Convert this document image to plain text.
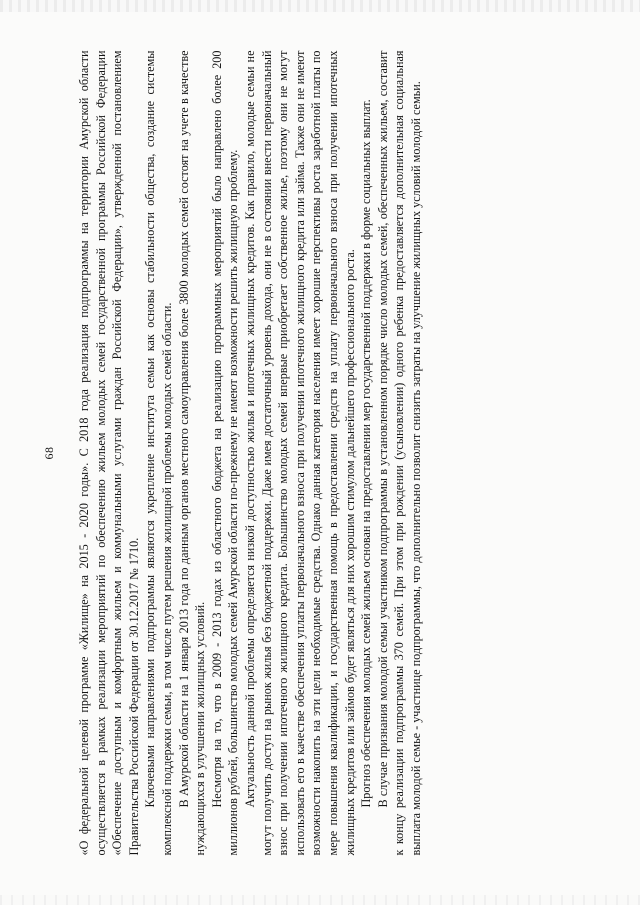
68 «О федеральной целевой программе «Жилище» на 2015 - 2020 годы». С 2018 года реализация подпрограммы на территории Амурской области осуществляется в рамках реализации мероприятий по обеспечению жильем молодых семей государственной программы Российской Федерации «Обеспечение доступным и комфортным жильем и коммунальными услугами граждан Российской Федерации», утвержденной постановлением Правительства Российской Федерации от 30.12.2017 № 1710. Ключевыми направлениями подпрограммы являются укрепление института семьи как основы стабильности общества, создание системы комплексной поддержки семьи, в том числе путем решения жилищной проблемы молодых семей области. В Амурской области на 1 января 2013 года по данным органов местного самоуправления более 3800 молодых семей состоят на учете в качестве нуждающихся в улучшении жилищных условий. Несмотря на то, что в 2009 - 2013 годах из областного бюджета на реализацию программных мероприятий было направлено более 200 миллионов рублей, большинство молодых семей Амурской области по-прежнему не имеют возможности решить жилищную проблему. Актуальность данной проблемы определяется низкой доступностью жилья и ипотечных жилищных кредитов. Как правило, молодые семьи не могут получить доступ на рынок жилья без бюджетной поддержки. Даже имея достаточный уровень дохода, они не в состоянии внести первоначальный взнос при получении ипотечного жилищного кредита. Большинство молодых семей впервые приобретает собственное жилье, поэтому они не могут использовать его в качестве обеспечения уплаты первоначального взноса при получении ипотечного жилищного кредита или займа. Также они не имеют возможности накопить на эти цели необходимые средства. Однако данная категория населения имеет хорошие перспективы роста заработной платы по мере повышения квалификации, и государственная помощь в предоставлении средств на уплату первоначального взноса при получении ипотечных жилищных кредитов или займов будет являться для них хорошим стимулом дальнейшего профессионального роста. Прогноз обеспечения молодых семей жильем основан на предоставлении мер государственной поддержки в форме социальных выплат. В случае признания молодой семьи участником подпрограммы в установленном порядке число молодых семей, обеспеченных жильем, составит к концу реализации подпрограммы 370 семей. При этом при рождении (усыновлении) одного ребенка предоставляется дополнительная социальная выплата молодой семье - участнице подпрограммы, что дополнительно позволит снизить затраты на улучшение жилищных условий молодой семьи.
